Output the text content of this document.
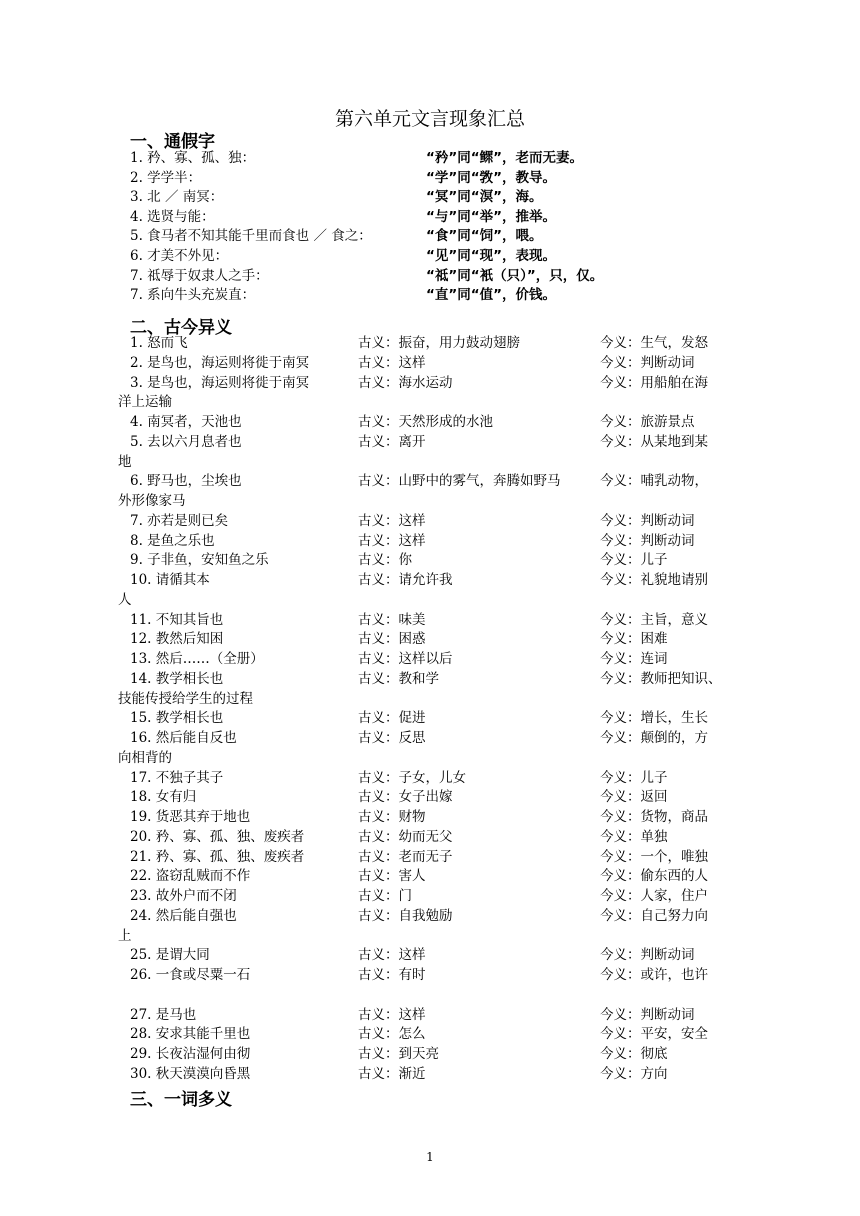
第六单元文言现象汇总
一、通假字
1. 矜、寡、孤、独：	“矜”同“鳏”，老而无妻。
2. 学学半：	“学”同“敩”，教导。
3. 北 ／ 南冥：	“冥”同“溟”，海。
4. 选贤与能：	“与”同“举”，推举。
5. 食马者不知其能千里而食也 ／ 食之：	“食”同“饲”，喂。
6. 才美不外见：	“见”同“现”，表现。
7. 祗辱于奴隶人之手：	“祗”同“衹（只）”，只，仅。
7. 系向牛头充炭直：	“直”同“值”，价钱。
二、古今异义
1. 怒而飞	古义：振奋，用力鼓动翅膀	今义：生气，发怒
2. 是鸟也，海运则将徙于南冥	古义：这样	今义：判断动词
3. 是鸟也，海运则将徙于南冥	古义：海水运动	今义：用船舶在海
洋上运输
4. 南冥者，天池也	古义：天然形成的水池	今义：旅游景点
5. 去以六月息者也	古义：离开	今义：从某地到某
地
6. 野马也，尘埃也	古义：山野中的雾气，奔腾如野马	今义：哺乳动物，
外形像家马
7. 亦若是则已矣	古义：这样	今义：判断动词
8. 是鱼之乐也	古义：这样	今义：判断动词
9. 子非鱼，安知鱼之乐	古义：你	今义：儿子
10. 请循其本	古义：请允许我	今义：礼貌地请别
人
11. 不知其旨也	古义：味美	今义：主旨，意义
12. 教然后知困	古义：困惑	今义：困难
13. 然后……（全册）	古义：这样以后	今义：连词
14. 教学相长也	古义：教和学	今义：教师把知识、
技能传授给学生的过程
15. 教学相长也	古义：促进	今义：增长，生长
16. 然后能自反也	古义：反思	今义：颠倒的，方
向相背的
17. 不独子其子	古义：子女，儿女	今义：儿子
18. 女有归	古义：女子出嫁	今义：返回
19. 货恶其弃于地也	古义：财物	今义：货物，商品
20. 矜、寡、孤、独、废疾者	古义：幼而无父	今义：单独
21. 矜、寡、孤、独、废疾者	古义：老而无子	今义：一个，唯独
22. 盗窃乱贼而不作	古义：害人	今义：偷东西的人
23. 故外户而不闭	古义：门	今义：人家，住户
24. 然后能自强也	古义：自我勉励	今义：自己努力向
上
25. 是谓大同	古义：这样	今义：判断动词
26. 一食或尽粟一石	古义：有时	今义：或许，也许
27. 是马也	古义：这样	今义：判断动词
28. 安求其能千里也	古义：怎么	今义：平安，安全
29. 长夜沾湿何由彻	古义：到天亮	今义：彻底
30. 秋天漠漠向昏黑	古义：渐近	今义：方向
三、一词多义
1
